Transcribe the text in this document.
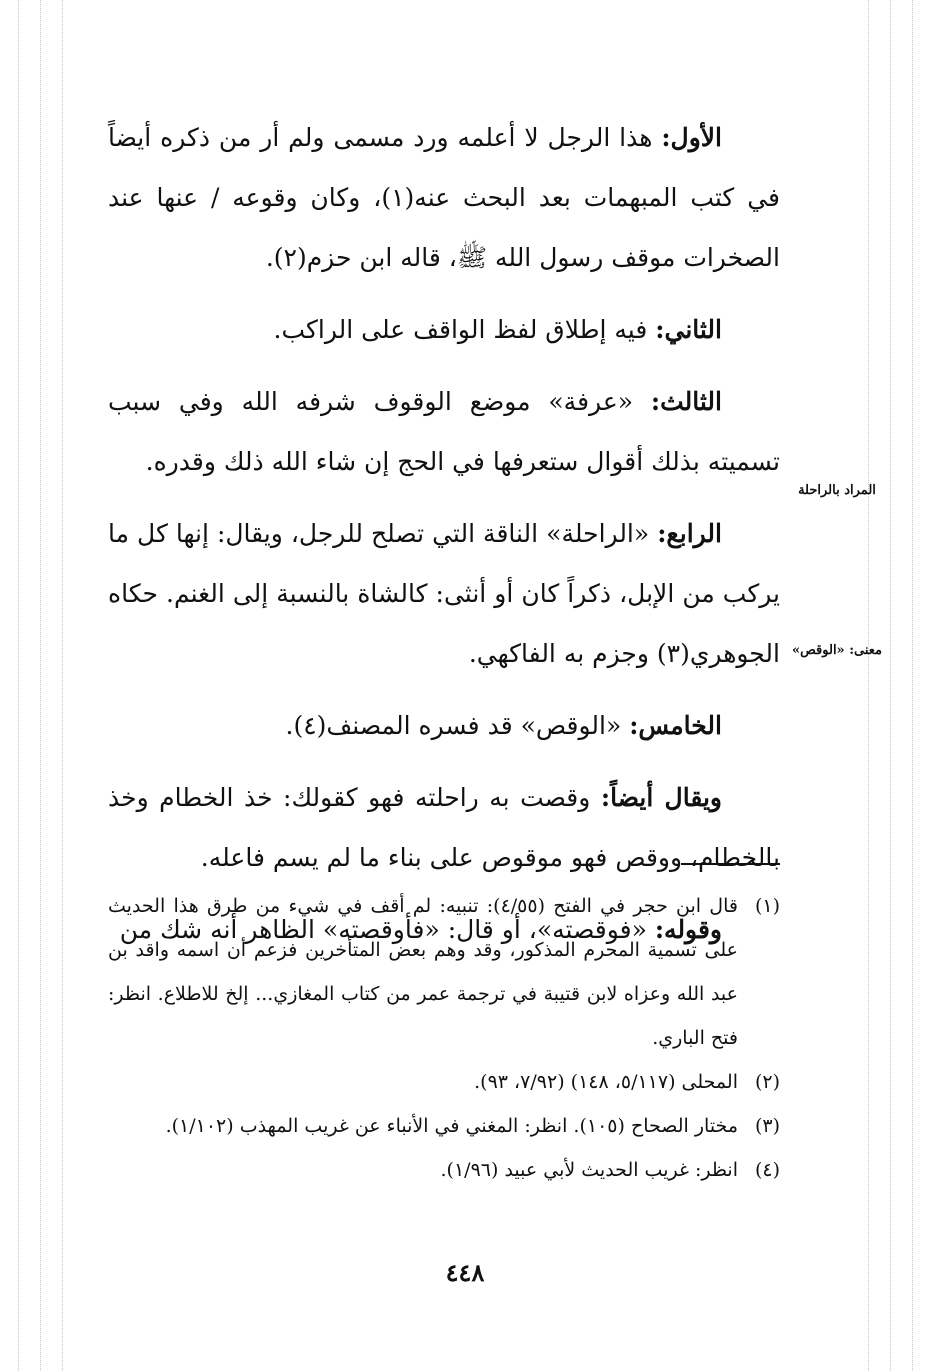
الأول: هذا الرجل لا أعلمه ورد مسمى ولم أر من ذكره أيضاً في كتب المبهمات بعد البحث عنه(١)، وكان وقوعه / عنها عند الصخرات موقف رسول الله ﷺ، قاله ابن حزم(٢).

الثاني: فيه إطلاق لفظ الواقف على الراكب.

الثالث: «عرفة» موضع الوقوف شرفه الله وفي سبب تسميته بذلك أقوال ستعرفها في الحج إن شاء الله ذلك وقدره.

الرابع: «الراحلة» الناقة التي تصلح للرجل، ويقال: إنها كل ما يركب من الإبل، ذكراً كان أو أنثى: كالشاة بالنسبة إلى الغنم. حكاه الجوهري(٣) وجزم به الفاكهي.

الخامس: «الوقص» قد فسره المصنف(٤).

ويقال أيضاً: وقصت به راحلته فهو كقولك: خذ الخطام وخذ بالخطام، ووقص فهو موقوص على بناء ما لم يسم فاعله.

وقوله: «فوقصته»، أو قال: «فأوقصته» الظاهر أنه شك من

المراد بالراحلة
معنى: «الوقص»
(١)
قال ابن حجر في الفتح (٤/٥٥): تنبيه: لم أقف في شيء من طرق هذا الحديث على تسمية المحرم المذكور، وقد وهم بعض المتأخرين فزعم أن اسمه واقد بن عبد الله وعزاه لابن قتيبة في ترجمة عمر من كتاب المغازي... إلخ للاطلاع. انظر: فتح الباري.
(٢)
المحلى (٥/١١٧، ١٤٨) (٧/٩٢، ٩٣).
(٣)
مختار الصحاح (١٠٥). انظر: المغني في الأنباء عن غريب المهذب (١/١٠٢).
(٤)
انظر: غريب الحديث لأبي عبيد (١/٩٦).
٤٤٨
